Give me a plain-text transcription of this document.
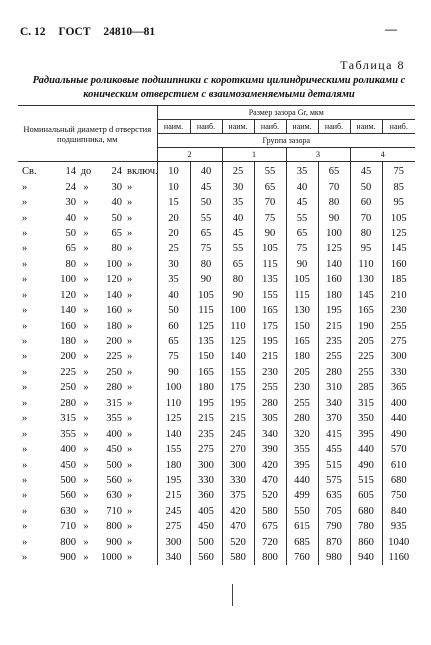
С. 12 ГОСТ 24810—81	—
Таблица 8
Радиальные роликовые подшипники с короткими цилиндрическими роликами с коническим отверстием с взаимозаменяемыми деталями
Номинальный диаметр d отверстия подшипника, мм	Размер зазора Gr, мкм							
	наим.	наиб.	наим.	наиб.	наим.	наиб.	наим.	наиб.
	Группа зазора							
	2		1		3		4	
Св. 14 до 24 включ.	10	40	25	55	35	65	45	75
» 24 » 30 »	10	45	30	65	40	70	50	85
» 30 » 40 »	15	50	35	70	45	80	60	95
» 40 » 50 »	20	55	40	75	55	90	70	105
» 50 » 65 »	20	65	45	90	65	100	80	125
» 65 » 80 »	25	75	55	105	75	125	95	145
» 80 » 100 »	30	80	65	115	90	140	110	160
» 100 » 120 »	35	90	80	135	105	160	130	185
» 120 » 140 »	40	105	90	155	115	180	145	210
» 140 » 160 »	50	115	100	165	130	195	165	230
» 160 » 180 »	60	125	110	175	150	215	190	255
» 180 » 200 »	65	135	125	195	165	235	205	275
» 200 » 225 »	75	150	140	215	180	255	225	300
» 225 » 250 »	90	165	155	230	205	280	255	330
» 250 » 280 »	100	180	175	255	230	310	285	365
» 280 » 315 »	110	195	195	280	255	340	315	400
» 315 » 355 »	125	215	215	305	280	370	350	440
» 355 » 400 »	140	235	245	340	320	415	395	490
» 400 » 450 »	155	275	270	390	355	455	440	570
» 450 » 500 »	180	300	300	420	395	515	490	610
» 500 » 560 »	195	330	330	470	440	575	515	680
» 560 » 630 »	215	360	375	520	499	635	605	750
» 630 » 710 »	245	405	420	580	550	705	680	840
» 710 » 800 »	275	450	470	675	615	790	780	935
» 800 » 900 »	300	500	520	720	685	870	860	1040
» 900 » 1000 »	340	560	580	800	760	980	940	1160
